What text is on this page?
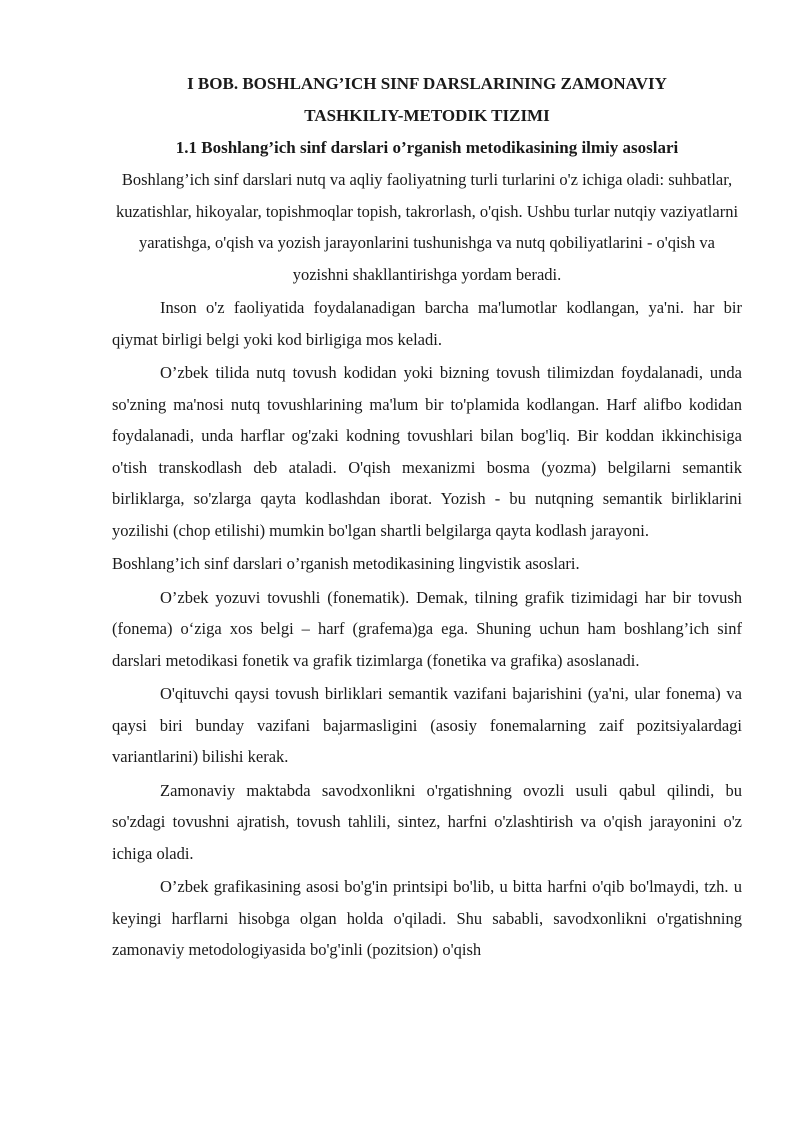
I BOB. BOSHLANG’ICH SINF DARSLARINING ZAMONAVIY

TASHKILIY-METODIK TIZIMI

1.1 Boshlang’ich sinf darslari o’rganish metodikasining ilmiy asoslari

Boshlang’ich sinf darslari nutq va aqliy faoliyatning turli turlarini o'z ichiga oladi: suhbatlar, kuzatishlar, hikoyalar, topishmoqlar topish, takrorlash, o'qish. Ushbu turlar nutqiy vaziyatlarni yaratishga, o'qish va yozish jarayonlarini tushunishga va nutq qobiliyatlarini - o'qish va yozishni shakllantirishga yordam beradi.

Inson o'z faoliyatida foydalanadigan barcha ma'lumotlar kodlangan, ya'ni. har bir qiymat birligi belgi yoki kod birligiga mos keladi.

O’zbek tilida nutq tovush kodidan yoki bizning tovush tilimizdan foydalanadi, unda so'zning ma'nosi nutq tovushlarining ma'lum bir to'plamida kodlangan. Harf alifbo kodidan foydalanadi, unda harflar og'zaki kodning tovushlari bilan bog'liq. Bir koddan ikkinchisiga o'tish transkodlash deb ataladi. O'qish mexanizmi bosma (yozma) belgilarni semantik birliklarga, so'zlarga qayta kodlashdan iborat. Yozish - bu nutqning semantik birliklarini yozilishi (chop etilishi) mumkin bo'lgan shartli belgilarga qayta kodlash jarayoni.

Boshlang’ich sinf darslari o’rganish metodikasining lingvistik asoslari.

O’zbek yozuvi tovushli (fonematik). Demak, tilning grafik tizimidagi har bir tovush (fonema) o‘ziga xos belgi – harf (grafema)ga ega. Shuning uchun ham boshlang’ich sinf darslari metodikasi fonetik va grafik tizimlarga (fonetika va grafika) asoslanadi.

O'qituvchi qaysi tovush birliklari semantik vazifani bajarishini (ya'ni, ular fonema) va qaysi biri bunday vazifani bajarmasligini (asosiy fonemalarning zaif pozitsiyalardagi variantlarini) bilishi kerak.

Zamonaviy maktabda savodxonlikni o'rgatishning ovozli usuli qabul qilindi, bu so'zdagi tovushni ajratish, tovush tahlili, sintez, harfni o'zlashtirish va o'qish jarayonini o'z ichiga oladi.

O’zbek grafikasining asosi bo'g'in printsipi bo'lib, u bitta harfni o'qib bo'lmaydi, tzh. u keyingi harflarni hisobga olgan holda o'qiladi. Shu sababli, savodxonlikni o'rgatishning zamonaviy metodologiyasida bo'g'inli (pozitsion) o'qish
